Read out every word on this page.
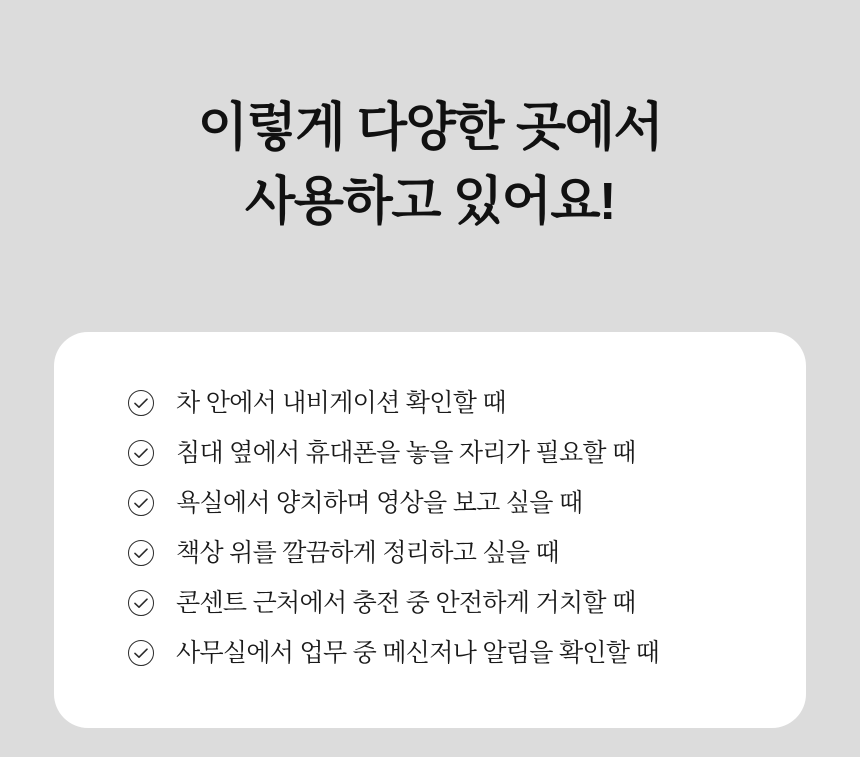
이렇게 다양한 곳에서
사용하고 있어요!
차 안에서 내비게이션 확인할 때
침대 옆에서 휴대폰을 놓을 자리가 필요할 때
욕실에서 양치하며 영상을 보고 싶을 때
책상 위를 깔끔하게 정리하고 싶을 때
콘센트 근처에서 충전 중 안전하게 거치할 때
사무실에서 업무 중 메신저나 알림을 확인할 때
